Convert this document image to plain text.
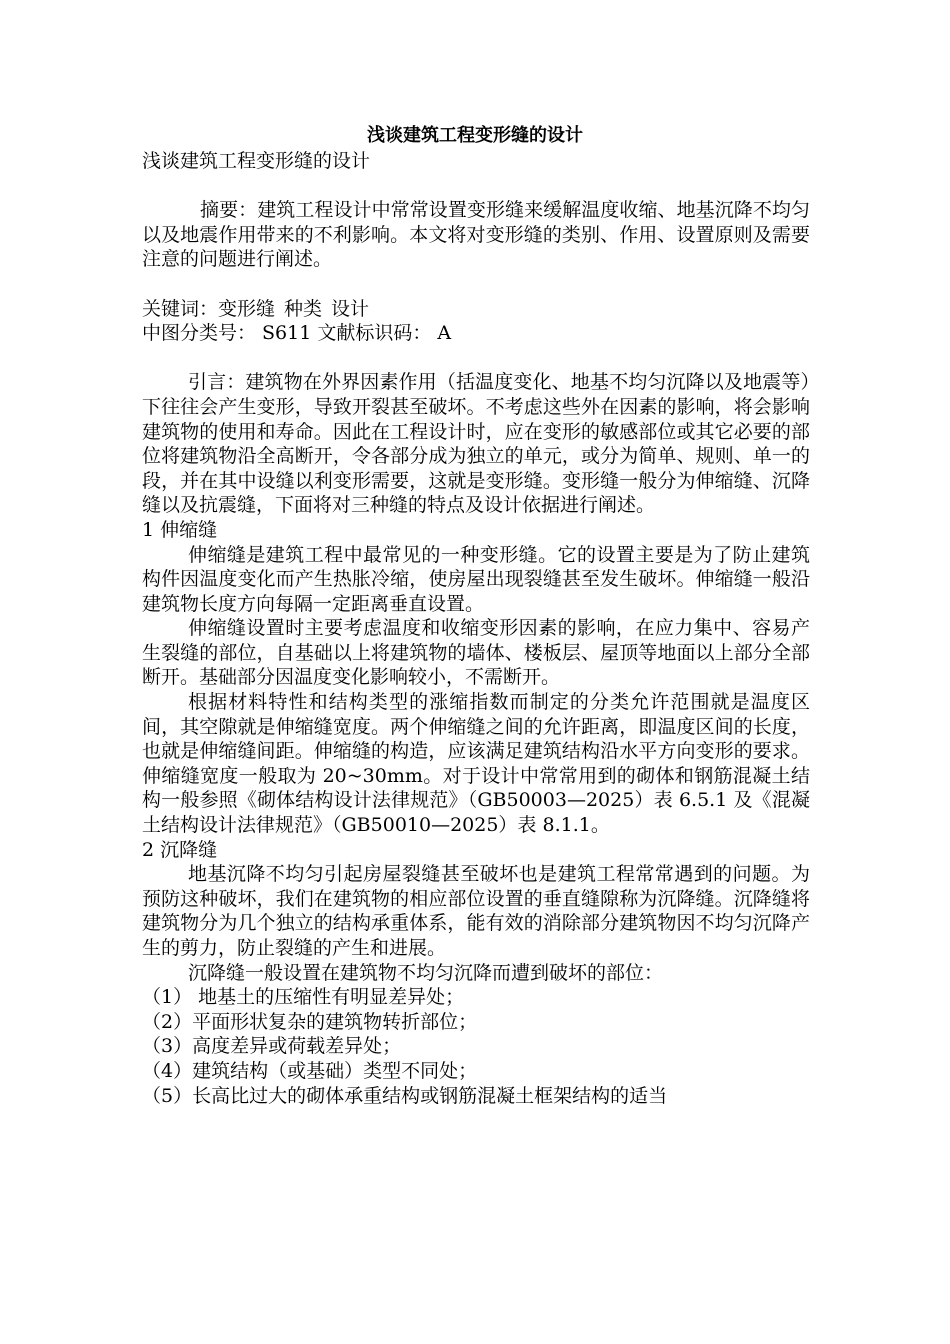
浅谈建筑工程变形缝的设计

浅谈建筑工程变形缝的设计

摘要：建筑工程设计中常常设置变形缝来缓解温度收缩、地基沉降不均匀以及地震作用带来的不利影响。本文将对变形缝的类别、作用、设置原则及需要注意的问题进行阐述。

关键词：变形缝 种类 设计

中图分类号： S611 文献标识码： A

引言：建筑物在外界因素作用（括温度变化、地基不均匀沉降以及地震等）下往往会产生变形，导致开裂甚至破坏。不考虑这些外在因素的影响，将会影响建筑物的使用和寿命。因此在工程设计时，应在变形的敏感部位或其它必要的部位将建筑物沿全高断开，令各部分成为独立的单元，或分为简单、规则、单一的段，并在其中设缝以利变形需要，这就是变形缝。变形缝一般分为伸缩缝、沉降缝以及抗震缝，下面将对三种缝的特点及设计依据进行阐述。

1 伸缩缝

伸缩缝是建筑工程中最常见的一种变形缝。它的设置主要是为了防止建筑构件因温度变化而产生热胀冷缩，使房屋出现裂缝甚至发生破坏。伸缩缝一般沿建筑物长度方向每隔一定距离垂直设置。

伸缩缝设置时主要考虑温度和收缩变形因素的影响，在应力集中、容易产生裂缝的部位，自基础以上将建筑物的墙体、楼板层、屋顶等地面以上部分全部断开。基础部分因温度变化影响较小，不需断开。

根据材料特性和结构类型的涨缩指数而制定的分类允许范围就是温度区间，其空隙就是伸缩缝宽度。两个伸缩缝之间的允许距离，即温度区间的长度，也就是伸缩缝间距。伸缩缝的构造，应该满足建筑结构沿水平方向变形的要求。伸缩缝宽度一般取为 20~30mm。对于设计中常常用到的砌体和钢筋混凝土结构一般参照《砌体结构设计法律规范》（GB50003—2025）表 6.5.1 及《混凝土结构设计法律规范》（GB50010—2025）表 8.1.1。

2 沉降缝

地基沉降不均匀引起房屋裂缝甚至破坏也是建筑工程常常遇到的问题。为预防这种破坏，我们在建筑物的相应部位设置的垂直缝隙称为沉降缝。沉降缝将建筑物分为几个独立的结构承重体系，能有效的消除部分建筑物因不均匀沉降产生的剪力，防止裂缝的产生和进展。

沉降缝一般设置在建筑物不均匀沉降而遭到破坏的部位：

（1） 地基土的压缩性有明显差异处；

（2）平面形状复杂的建筑物转折部位；

（3）高度差异或荷载差异处；

（4）建筑结构（或基础）类型不同处；

（5）长高比过大的砌体承重结构或钢筋混凝土框架结构的适当
